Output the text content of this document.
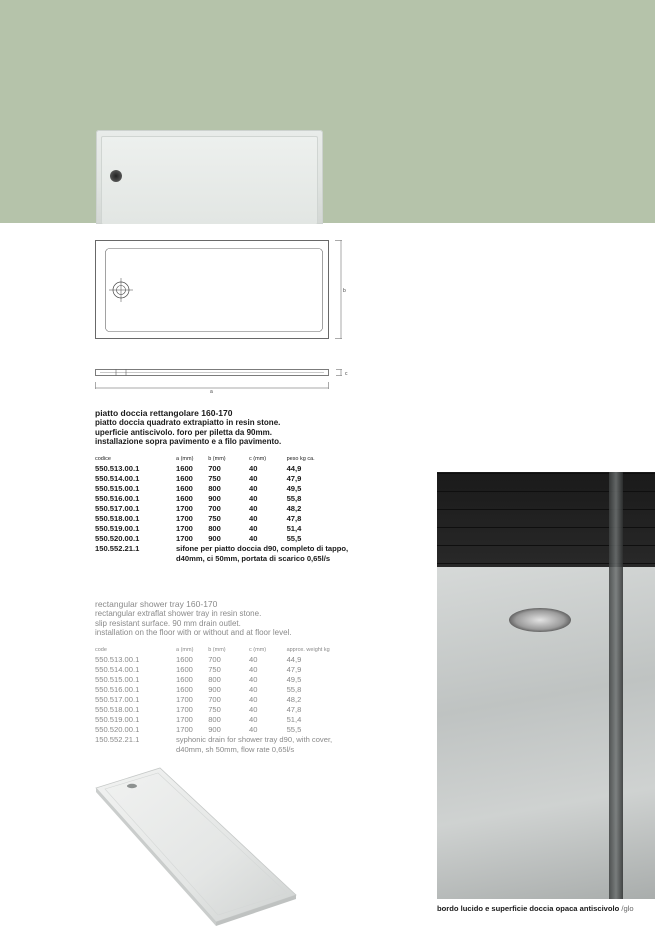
b
c
a
piatto doccia rettangolare 160-170
piatto doccia quadrato extrapiatto in resin stone.
uperficie antiscivolo. foro per piletta da 90mm.
installazione sopra pavimento e a filo pavimento.
codice	a (mm)	b (mm)	c (mm)	peso kg ca.
550.513.00.1	1600	700	40	44,9
550.514.00.1	1600	750	40	47,9
550.515.00.1	1600	800	40	49,5
550.516.00.1	1600	900	40	55,8
550.517.00.1	1700	700	40	48,2
550.518.00.1	1700	750	40	47,8
550.519.00.1	1700	800	40	51,4
550.520.00.1	1700	900	40	55,5
150.552.21.1	sifone per piatto doccia d90, completo di tappo, d40mm, ci 50mm, portata di scarico 0,65l/s			
rectangular shower tray 160-170
rectangular extraflat shower tray in resin stone.
slip resistant surface. 90 mm drain outlet.
installation on the floor with or without and at floor level.
code	a (mm)	b (mm)	c (mm)	approx. weight kg
550.513.00.1	1600	700	40	44,9
550.514.00.1	1600	750	40	47,9
550.515.00.1	1600	800	40	49,5
550.516.00.1	1600	900	40	55,8
550.517.00.1	1700	700	40	48,2
550.518.00.1	1700	750	40	47,8
550.519.00.1	1700	800	40	51,4
550.520.00.1	1700	900	40	55,5
150.552.21.1	syphonic drain for shower tray d90, with cover, d40mm, sh 50mm, flow rate 0,65l/s			
bordo lucido e superficie doccia opaca antiscivolo /glo
